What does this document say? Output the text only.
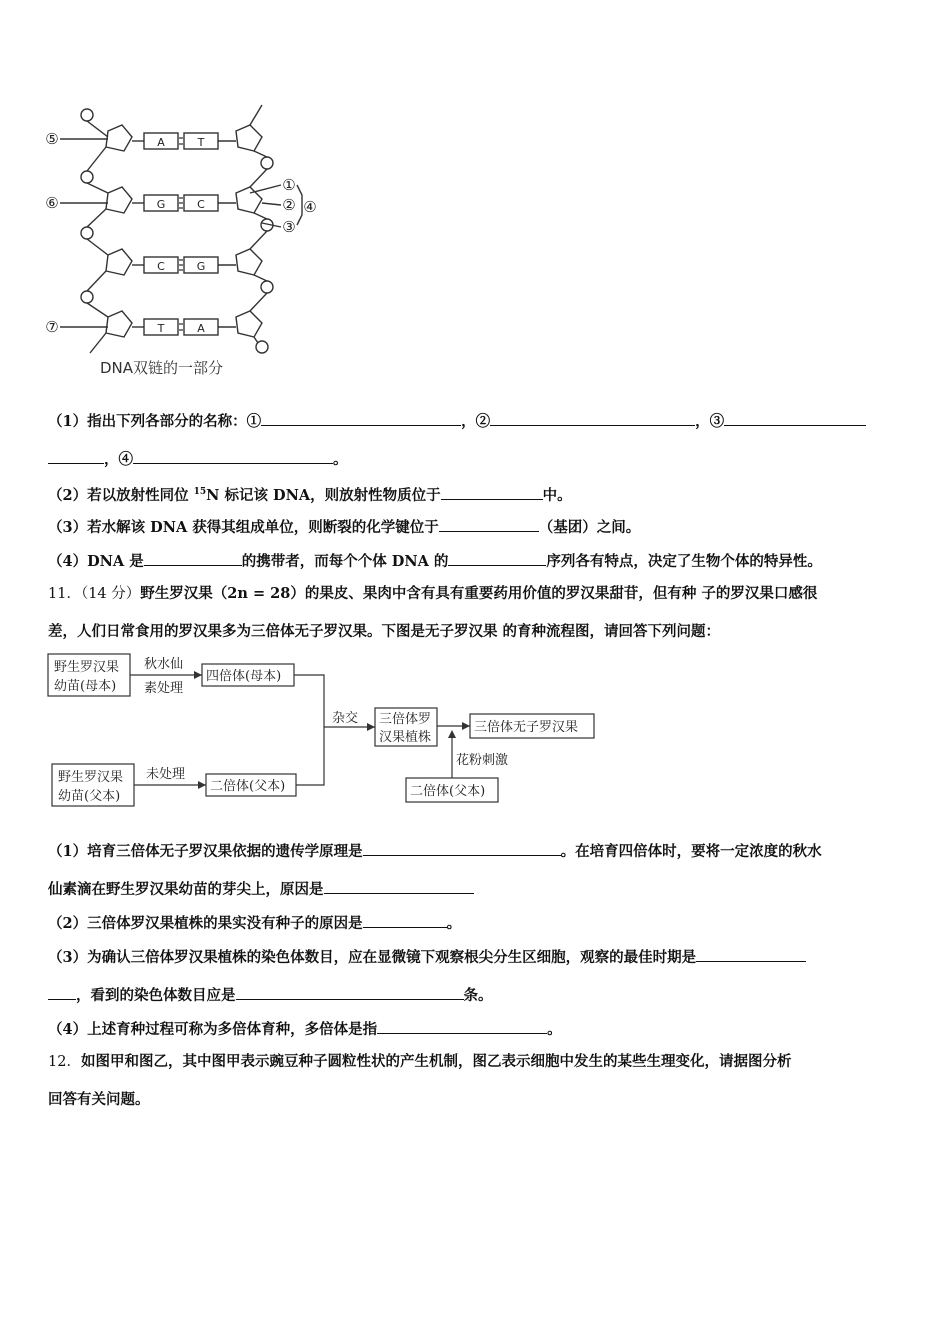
A	T
G	C
C	G
T	A
⑤
⑥
⑦
①
②
③
④
DNA双链的一部分
（1）指出下列各部分的名称：①	，②	，③
，④	。
（2）若以放射性同位 $^{15}$N 标记该 DNA，则放射性物质位于	中。
（3）若水解该 DNA 获得其组成单位，则断裂的化学键位于	（基团）之间。
（4）DNA 是	的携带者，而每个个体 DNA 的	序列各有特点，决定了生物个体的特异性。
11．（14 分）野生罗汉果（2n = 28）的果皮、果肉中含有具有重要药用价值的罗汉果甜苷，但有种 子的罗汉果口感很
差，人们日常食用的罗汉果多为三倍体无子罗汉果。下图是无子罗汉果 的育种流程图，请回答下列问题：
野生罗汉果
幼苗(母本)
秋水仙
素处理
四倍体(母本)
野生罗汉果
幼苗(父本)
未处理
二倍体(父本)
杂交 三倍体罗
汉果植株
三倍体无子罗汉果
花粉刺激
二倍体(父本)
（1）培育三倍体无子罗汉果依据的遗传学原理是	。在培育四倍体时，要将一定浓度的秋水
仙素滴在野生罗汉果幼苗的芽尖上，原因是
（2）三倍体罗汉果植株的果实没有种子的原因是	。
（3）为确认三倍体罗汉果植株的染色体数目，应在显微镜下观察根尖分生区细胞，观察的最佳时期是
，看到的染色体数目应是	条。
（4）上述育种过程可称为多倍体育种，多倍体是指	。
12．如图甲和图乙，其中图甲表示豌豆种子圆粒性状的产生机制，图乙表示细胞中发生的某些生理变化，请据图分析
回答有关问题。
